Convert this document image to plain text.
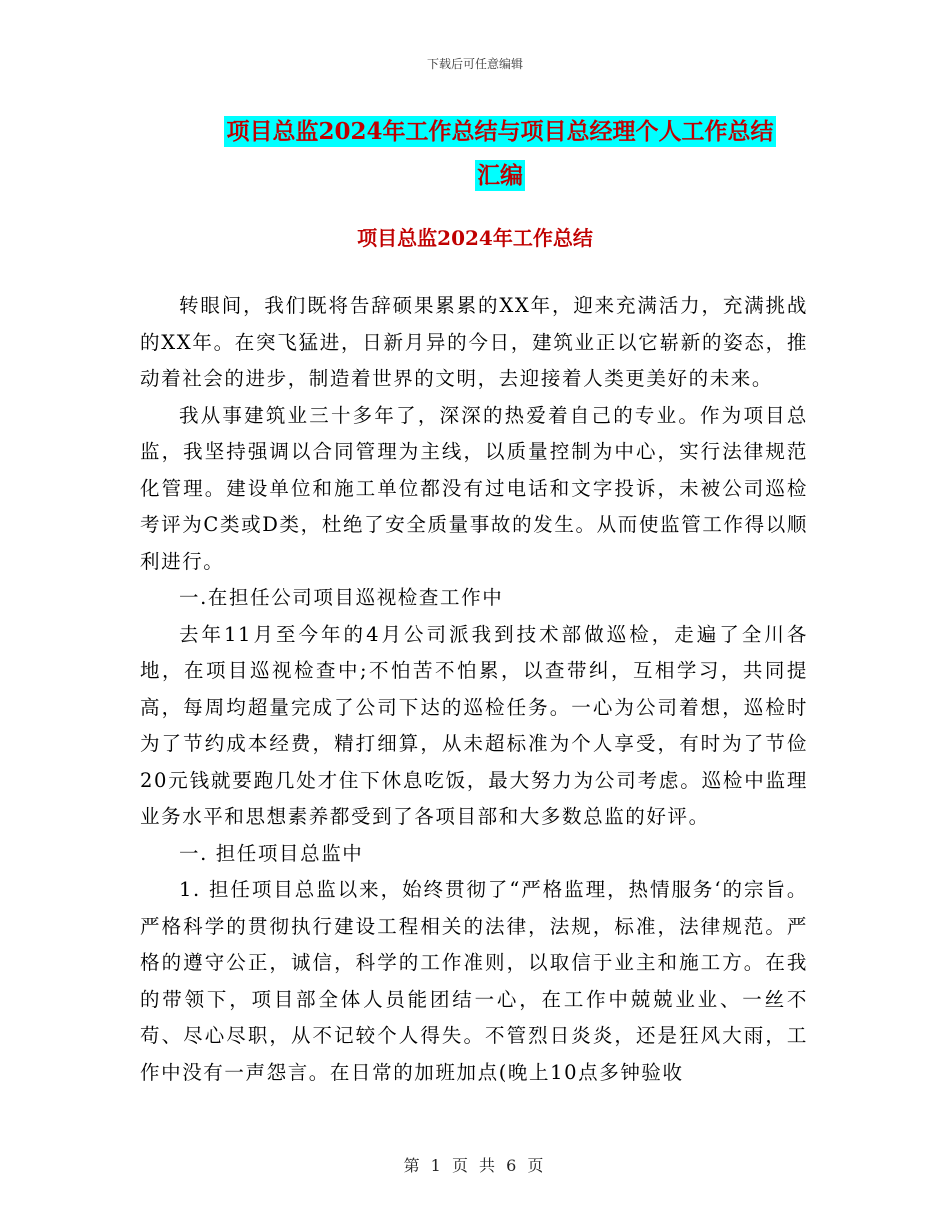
下载后可任意编辑
项目总监2024年工作总结与项目总经理个人工作总结
汇编
项目总监2024年工作总结

转眼间，我们既将告辞硕果累累的XX年，迎来充满活力，充满挑战的XX年。在突飞猛进，日新月异的今日，建筑业正以它崭新的姿态，推动着社会的进步，制造着世界的文明，去迎接着人类更美好的未来。

我从事建筑业三十多年了，深深的热爱着自己的专业。作为项目总监，我坚持强调以合同管理为主线，以质量控制为中心，实行法律规范化管理。建设单位和施工单位都没有过电话和文字投诉，未被公司巡检考评为C类或D类，杜绝了安全质量事故的发生。从而使监管工作得以顺利进行。

一.在担任公司项目巡视检查工作中

去年11月至今年的4月公司派我到技术部做巡检，走遍了全川各地，在项目巡视检查中;不怕苦不怕累，以查带纠，互相学习，共同提高，每周均超量完成了公司下达的巡检任务。一心为公司着想，巡检时为了节约成本经费，精打细算，从未超标准为个人享受，有时为了节俭20元钱就要跑几处才住下休息吃饭，最大努力为公司考虑。巡检中监理业务水平和思想素养都受到了各项目部和大多数总监的好评。

一. 担任项目总监中

1. 担任项目总监以来，始终贯彻了“严格监理，热情服务‘的宗旨。严格科学的贯彻执行建设工程相关的法律，法规，标准，法律规范。严格的遵守公正，诚信，科学的工作准则，以取信于业主和施工方。在我的带领下，项目部全体人员能团结一心，在工作中兢兢业业、一丝不苟、尽心尽职，从不记较个人得失。不管烈日炎炎，还是狂风大雨，工作中没有一声怨言。在日常的加班加点(晚上10点多钟验收

第 1 页 共 6 页
